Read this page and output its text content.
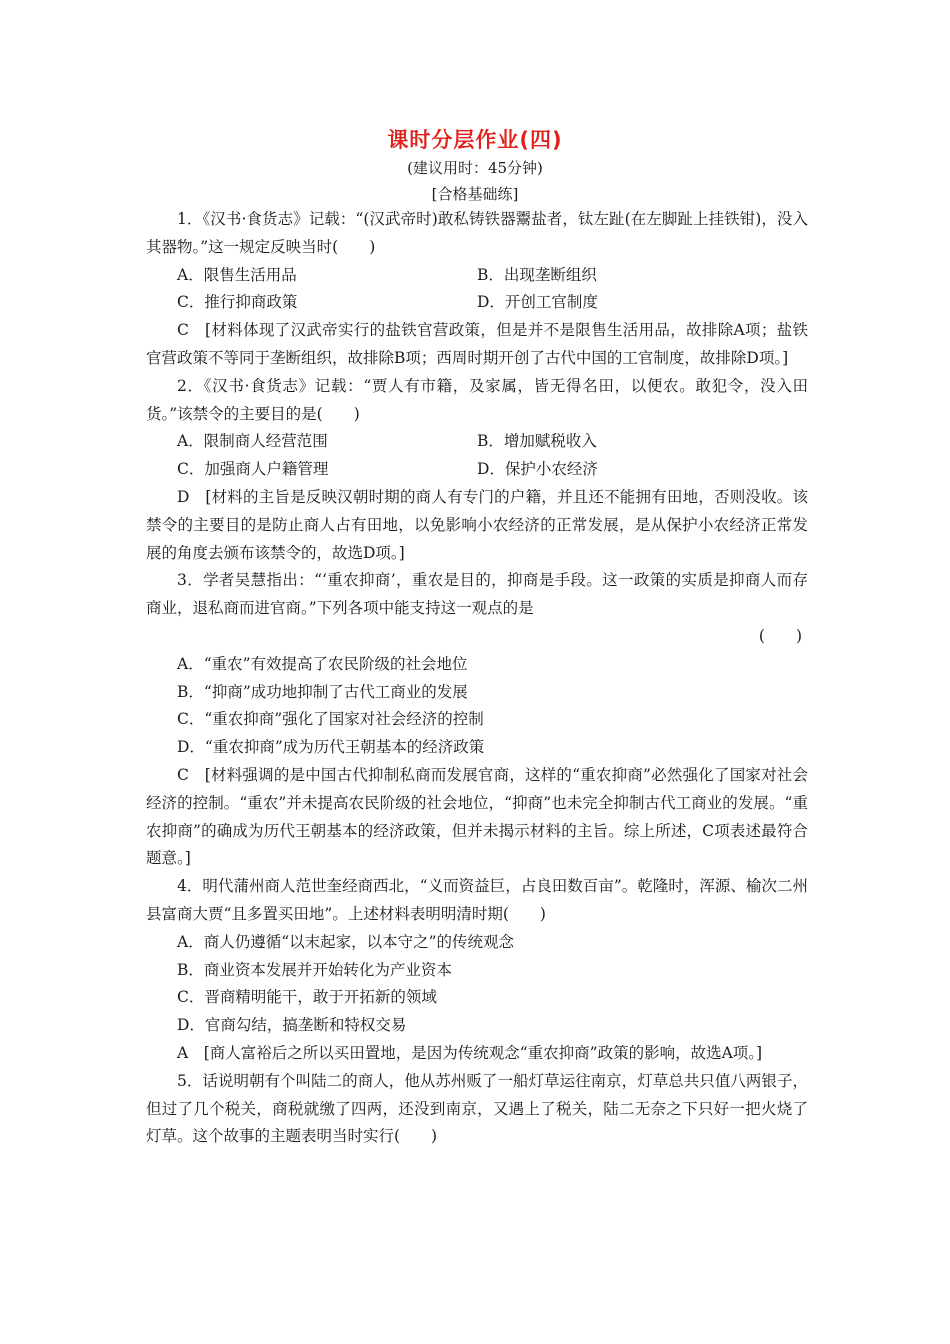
课时分层作业(四)
(建议用时：45分钟)
[合格基础练]

1．《汉书·食货志》记载：“(汉武帝时)敢私铸铁器鬻盐者，钛左趾(在左脚趾上挂铁钳)，没入其器物。”这一规定反映当时(　　)

A．限售生活用品	B．出现垄断组织
C．推行抑商政策	D．开创工官制度

C　[材料体现了汉武帝实行的盐铁官营政策，但是并不是限售生活用品，故排除A项；盐铁官营政策不等同于垄断组织，故排除B项；西周时期开创了古代中国的工官制度，故排除D项。]

2．《汉书·食货志》记载：“贾人有市籍，及家属，皆无得名田，以便农。敢犯令，没入田货。”该禁令的主要目的是(　　)

A．限制商人经营范围	B．增加赋税收入
C．加强商人户籍管理	D．保护小农经济

D　[材料的主旨是反映汉朝时期的商人有专门的户籍，并且还不能拥有田地，否则没收。该禁令的主要目的是防止商人占有田地，以免影响小农经济的正常发展，是从保护小农经济正常发展的角度去颁布该禁令的，故选D项。]

3．学者吴慧指出：“‘重农抑商’，重农是目的，抑商是手段。这一政策的实质是抑商人而存商业，退私商而进官商。”下列各项中能支持这一观点的是

(　　)

A．“重农”有效提高了农民阶级的社会地位

B．“抑商”成功地抑制了古代工商业的发展

C．“重农抑商”强化了国家对社会经济的控制

D．“重农抑商”成为历代王朝基本的经济政策

C　[材料强调的是中国古代抑制私商而发展官商，这样的“重农抑商”必然强化了国家对社会经济的控制。“重农”并未提高农民阶级的社会地位，“抑商”也未完全抑制古代工商业的发展。“重农抑商”的确成为历代王朝基本的经济政策，但并未揭示材料的主旨。综上所述，C项表述最符合题意。]

4．明代蒲州商人范世奎经商西北，“义而资益巨，占良田数百亩”。乾隆时，浑源、榆次二州县富商大贾“且多置买田地”。上述材料表明明清时期(　　)

A．商人仍遵循“以末起家，以本守之”的传统观念

B．商业资本发展并开始转化为产业资本

C．晋商精明能干，敢于开拓新的领域

D．官商勾结，搞垄断和特权交易

A　[商人富裕后之所以买田置地，是因为传统观念“重农抑商”政策的影响，故选A项。]

5．话说明朝有个叫陆二的商人，他从苏州贩了一船灯草运往南京，灯草总共只值八两银子，但过了几个税关，商税就缴了四两，还没到南京，又遇上了税关，陆二无奈之下只好一把火烧了灯草。这个故事的主题表明当时实行(　　)
